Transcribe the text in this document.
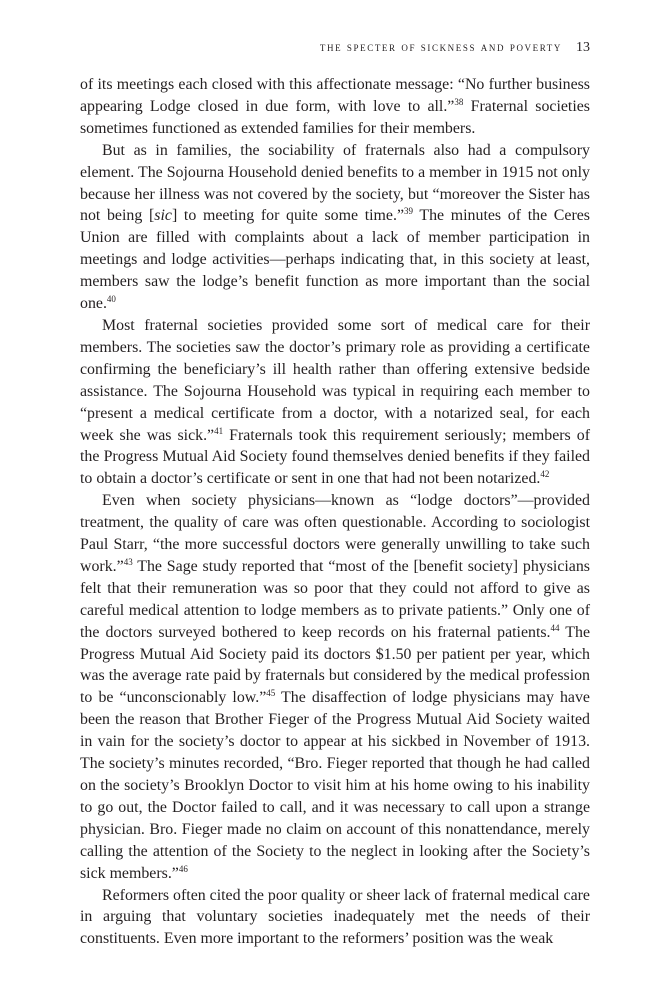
the specter of sickness and poverty 13

of its meetings each closed with this affectionate message: “No further business appearing Lodge closed in due form, with love to all.”$^{38}$ Fraternal societies sometimes functioned as extended families for their members.

But as in families, the sociability of fraternals also had a compulsory element. The Sojourna Household denied benefits to a member in 1915 not only because her illness was not covered by the society, but “moreover the Sister has not being [sic] to meeting for quite some time.”$^{39}$ The minutes of the Ceres Union are filled with complaints about a lack of member participation in meetings and lodge activities—perhaps indicating that, in this society at least, members saw the lodge’s benefit function as more important than the social one.$^{40}$

Most fraternal societies provided some sort of medical care for their members. The societies saw the doctor’s primary role as providing a certificate confirming the beneficiary’s ill health rather than offering extensive bedside assistance. The Sojourna Household was typical in requiring each member to “present a medical certificate from a doctor, with a notarized seal, for each week she was sick.”$^{41}$ Fraternals took this requirement seriously; members of the Progress Mutual Aid Society found themselves denied benefits if they failed to obtain a doctor’s certificate or sent in one that had not been notarized.$^{42}$

Even when society physicians—known as “lodge doctors”—provided treatment, the quality of care was often questionable. According to sociologist Paul Starr, “the more successful doctors were generally unwilling to take such work.”$^{43}$ The Sage study reported that “most of the [benefit society] physicians felt that their remuneration was so poor that they could not afford to give as careful medical attention to lodge members as to private patients.” Only one of the doctors surveyed bothered to keep records on his fraternal patients.$^{44}$ The Progress Mutual Aid Society paid its doctors $1.50 per patient per year, which was the average rate paid by fraternals but considered by the medical profession to be “unconscionably low.”$^{45}$ The disaffection of lodge physicians may have been the reason that Brother Fieger of the Progress Mutual Aid Society waited in vain for the society’s doctor to appear at his sickbed in November of 1913. The society’s minutes recorded, “Bro. Fieger reported that though he had called on the society’s Brooklyn Doctor to visit him at his home owing to his inability to go out, the Doctor failed to call, and it was necessary to call upon a strange physician. Bro. Fieger made no claim on account of this nonattendance, merely calling the attention of the Society to the neglect in looking after the Society’s sick members.”$^{46}$

Reformers often cited the poor quality or sheer lack of fraternal medical care in arguing that voluntary societies inadequately met the needs of their constituents. Even more important to the reformers’ position was the weak
